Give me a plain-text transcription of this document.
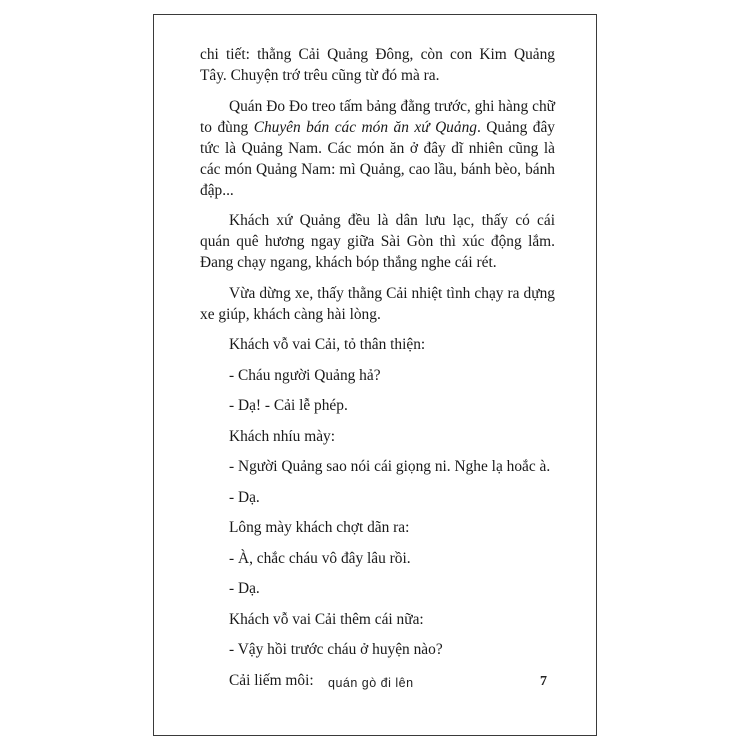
chi tiết: thằng Cải Quảng Đông, còn con Kim Quảng Tây. Chuyện trớ trêu cũng từ đó mà ra.

Quán Đo Đo treo tấm bảng đằng trước, ghi hàng chữ to đùng Chuyên bán các món ăn xứ Quảng. Quảng đây tức là Quảng Nam. Các món ăn ở đây dĩ nhiên cũng là các món Quảng Nam: mì Quảng, cao lầu, bánh bèo, bánh đập...

Khách xứ Quảng đều là dân lưu lạc, thấy có cái quán quê hương ngay giữa Sài Gòn thì xúc động lắm. Đang chạy ngang, khách bóp thắng nghe cái rét.

Vừa dừng xe, thấy thằng Cải nhiệt tình chạy ra dựng xe giúp, khách càng hài lòng.

Khách vỗ vai Cải, tỏ thân thiện:

- Cháu người Quảng hả?

- Dạ! - Cải lễ phép.

Khách nhíu mày:

- Người Quảng sao nói cái giọng ni. Nghe lạ hoắc à.

- Dạ.

Lông mày khách chợt dãn ra:

- À, chắc cháu vô đây lâu rồi.

- Dạ.

Khách vỗ vai Cải thêm cái nữa:

- Vậy hồi trước cháu ở huyện nào?

Cải liếm môi:	quán gò đi lên	7
